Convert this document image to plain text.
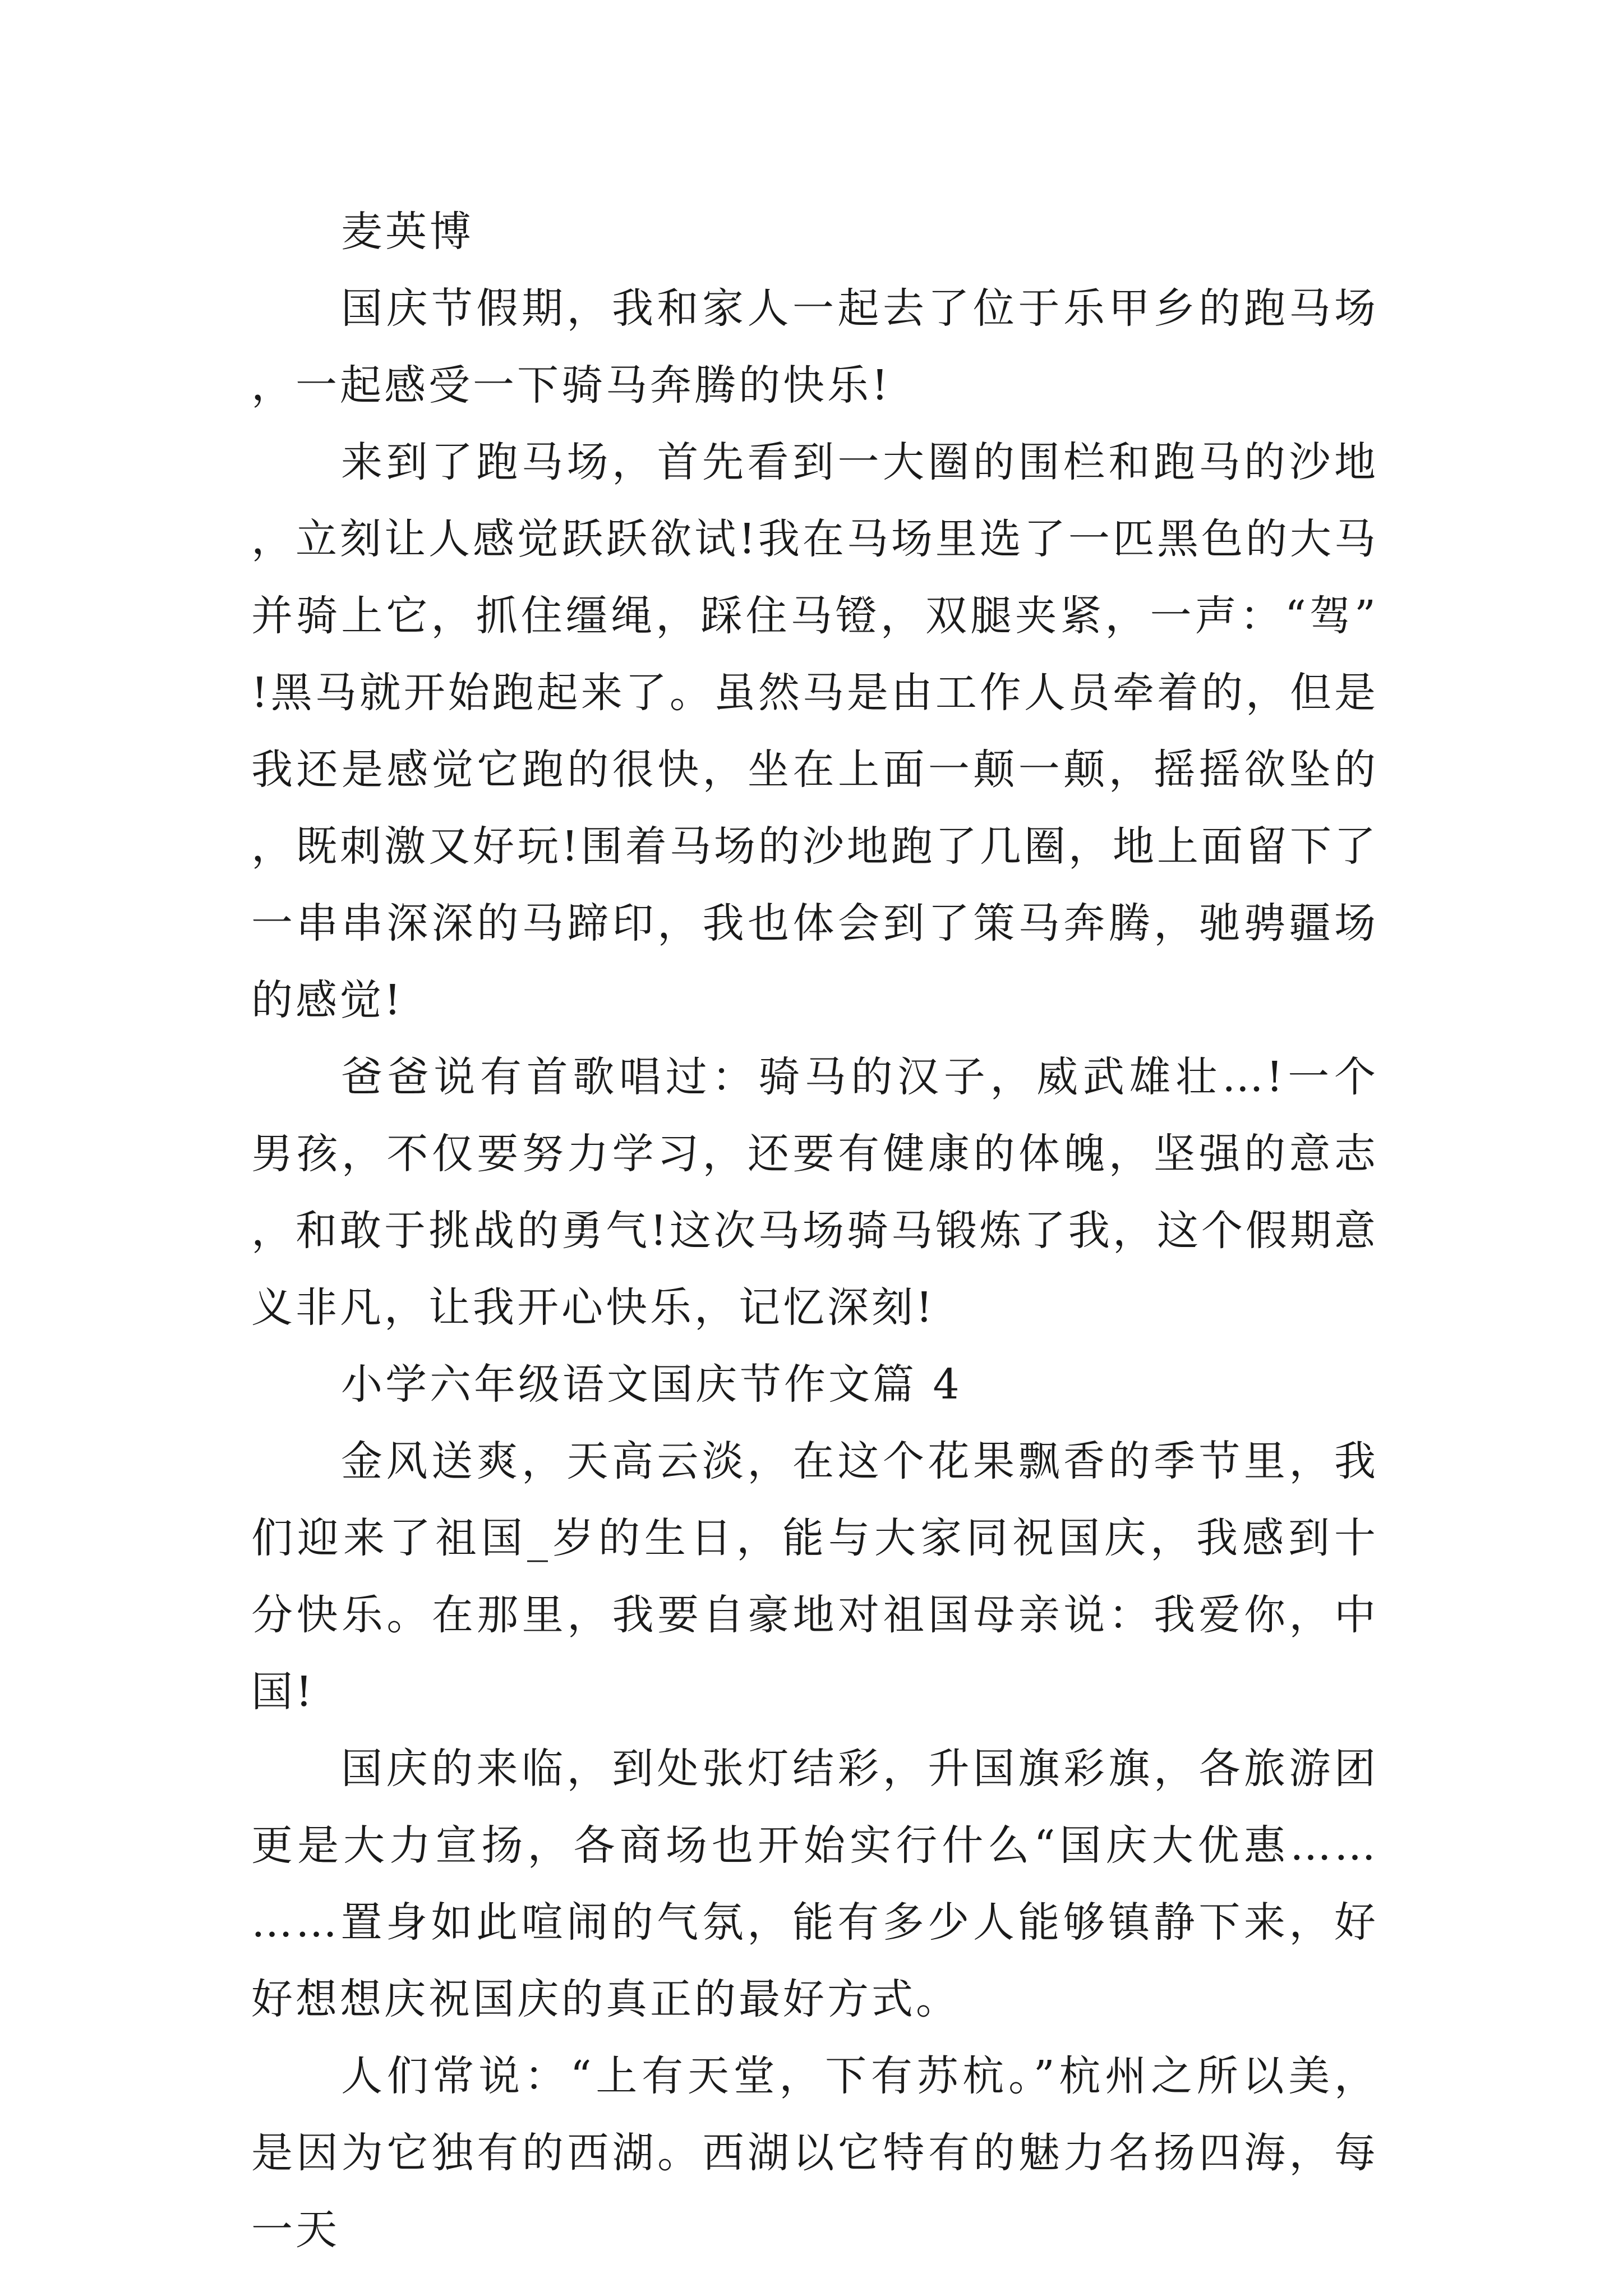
麦英博

国庆节假期，我和家人一起去了位于乐甲乡的跑马场，一起感受一下骑马奔腾的快乐!

来到了跑马场，首先看到一大圈的围栏和跑马的沙地，立刻让人感觉跃跃欲试!我在马场里选了一匹黑色的大马并骑上它，抓住缰绳，踩住马镫，双腿夹紧，一声：“驾”!黑马就开始跑起来了。虽然马是由工作人员牵着的，但是我还是感觉它跑的很快，坐在上面一颠一颠，摇摇欲坠的，既刺激又好玩!围着马场的沙地跑了几圈，地上面留下了一串串深深的马蹄印，我也体会到了策马奔腾，驰骋疆场的感觉!

爸爸说有首歌唱过：骑马的汉子，威武雄壮…!一个男孩，不仅要努力学习，还要有健康的体魄，坚强的意志，和敢于挑战的勇气!这次马场骑马锻炼了我，这个假期意义非凡，让我开心快乐，记忆深刻!

小学六年级语文国庆节作文篇 4

金风送爽，天高云淡，在这个花果飘香的季节里，我们迎来了祖国_岁的生日，能与大家同祝国庆，我感到十分快乐。在那里，我要自豪地对祖国母亲说：我爱你，中国!

国庆的来临，到处张灯结彩，升国旗彩旗，各旅游团更是大力宣扬，各商场也开始实行什么“国庆大优惠…………置身如此喧闹的气氛，能有多少人能够镇静下来，好好想想庆祝国庆的真正的最好方式。

人们常说：“上有天堂，下有苏杭。”杭州之所以美，是因为它独有的西湖。西湖以它特有的魅力名扬四海，每一天
